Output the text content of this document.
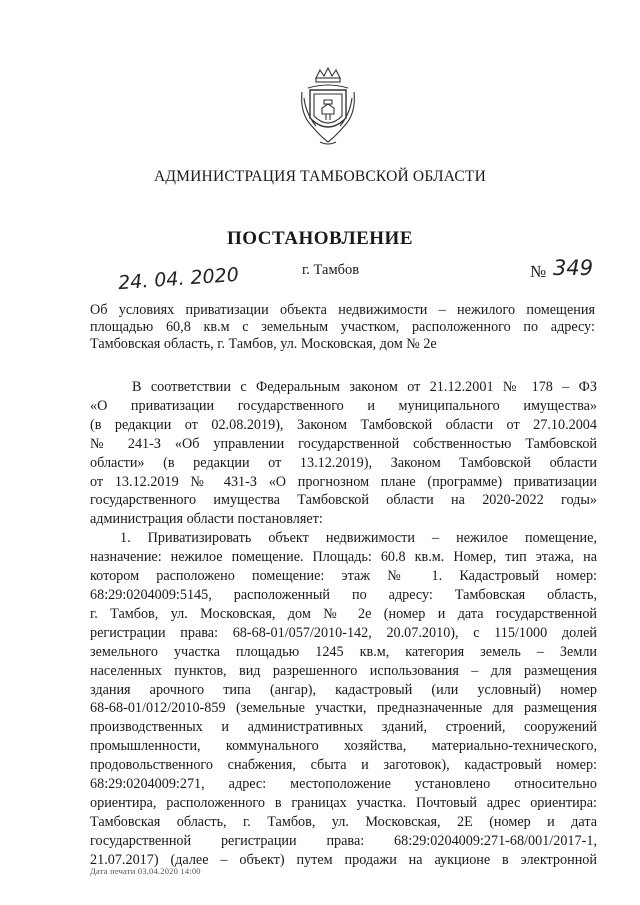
АДМИНИСТРАЦИЯ ТАМБОВСКОЙ ОБЛАСТИ
ПОСТАНОВЛЕНИЕ
24. 04. 2020	г. Тамбов	№ 349
Об условиях приватизации объекта недвижимости – нежилого помещения
площадью 60,8 кв.м с земельным участком, расположенного по адресу:
Тамбовская область, г. Тамбов, ул. Московская, дом № 2е
В соответствии с Федеральным законом от 21.12.2001 № 178 – ФЗ
«О приватизации государственного и муниципального имущества»
(в редакции от 02.08.2019), Законом Тамбовской области от 27.10.2004
№ 241-З «Об управлении государственной собственностью Тамбовской
области» (в редакции от 13.12.2019), Законом Тамбовской области
от 13.12.2019 № 431-З «О прогнозном плане (программе) приватизации
государственного имущества Тамбовской области на 2020-2022 годы»
администрация области постановляет:
1. Приватизировать объект недвижимости – нежилое помещение,
назначение: нежилое помещение. Площадь: 60.8 кв.м. Номер, тип этажа, на
котором расположено помещение: этаж № 1. Кадастровый номер:
68:29:0204009:5145, расположенный по адресу: Тамбовская область,
г. Тамбов, ул. Московская, дом № 2е (номер и дата государственной
регистрации права: 68-68-01/057/2010-142, 20.07.2010), с 115/1000 долей
земельного участка площадью 1245 кв.м, категория земель – Земли
населенных пунктов, вид разрешенного использования – для размещения
здания арочного типа (ангар), кадастровый (или условный) номер
68-68-01/012/2010-859 (земельные участки, предназначенные для размещения
производственных и административных зданий, строений, сооружений
промышленности, коммунального хозяйства, материально-технического,
продовольственного снабжения, сбыта и заготовок), кадастровый номер:
68:29:0204009:271, адрес: местоположение установлено относительно
ориентира, расположенного в границах участка. Почтовый адрес ориентира:
Тамбовская область, г. Тамбов, ул. Московская, 2Е (номер и дата
государственной регистрации права: 68:29:0204009:271-68/001/2017-1,
21.07.2017) (далее – объект) путем продажи на аукционе в электронной
Дата печати 03.04.2020 14:00
